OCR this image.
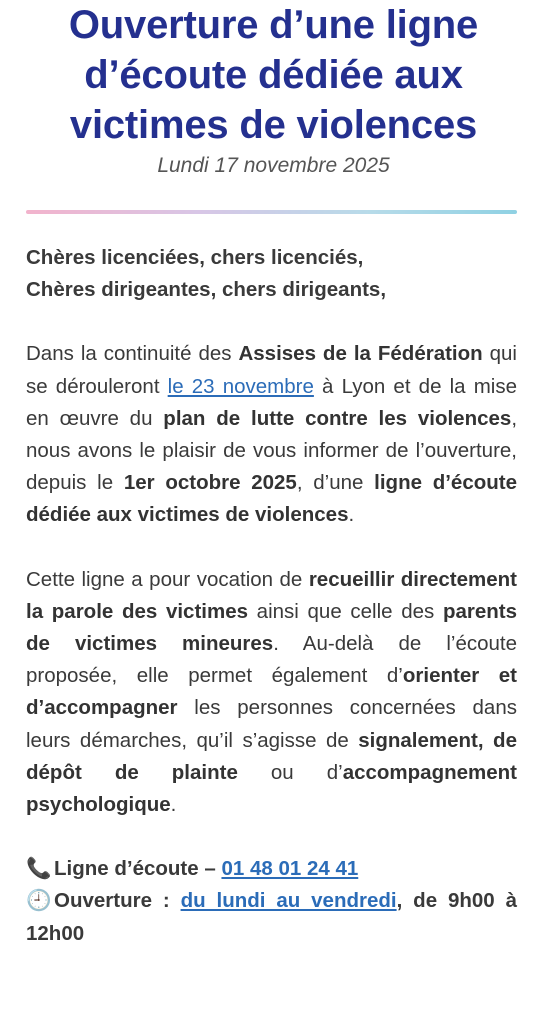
Ouverture d’une ligne
d’écoute dédiée aux
victimes de violences
Lundi 17 novembre 2025
Chères licenciées, chers licenciés,
Chères dirigeantes, chers dirigeants,

Dans la continuité des Assises de la Fédération qui se dérouleront le 23 novembre à Lyon et de la mise en œuvre du plan de lutte contre les violences, nous avons le plaisir de vous informer de l’ouverture, depuis le 1er octobre 2025, d’une ligne d’écoute dédiée aux victimes de violences.

Cette ligne a pour vocation de recueillir directement la parole des victimes ainsi que celle des parents de victimes mineures. Au-delà de l’écoute proposée, elle permet également d’orienter et d’accompagner les personnes concernées dans leurs démarches, qu’il s’agisse de signalement, de dépôt de plainte ou d’accompagnement psychologique.

📞 Ligne d’écoute – 01 48 01 24 41

🕘 Ouverture : du lundi au vendredi, de 9h00 à 12h00
